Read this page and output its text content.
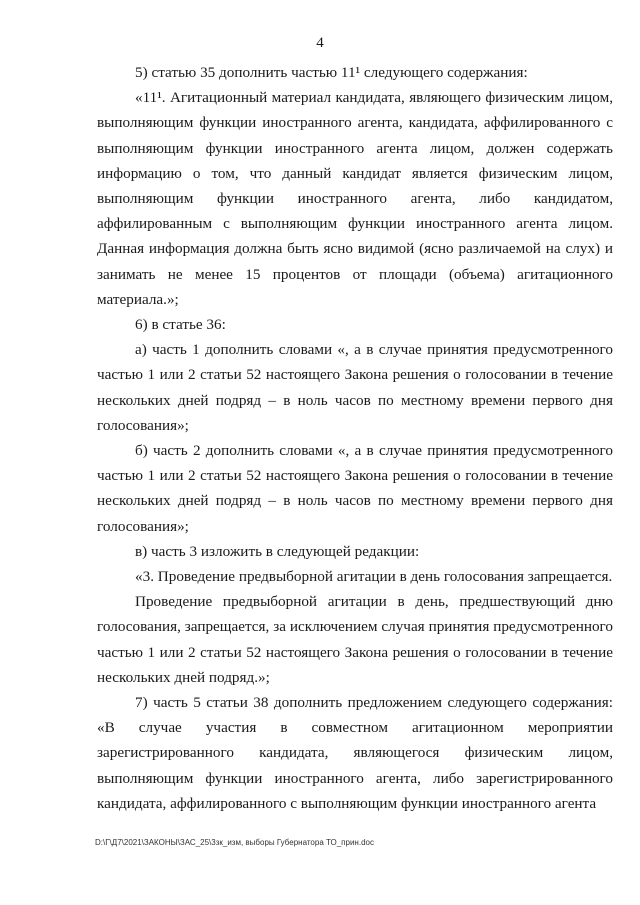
4
5) статью 35 дополнить частью 11¹ следующего содержания:
«11¹. Агитационный материал кандидата, являющего физическим лицом,
выполняющим функции иностранного агента, кандидата, аффилированного с
выполняющим функции иностранного агента лицом, должен содержать
информацию о том, что данный кандидат является физическим лицом,
выполняющим функции иностранного агента, либо кандидатом,
аффилированным с выполняющим функции иностранного агента лицом.
Данная информация должна быть ясно видимой (ясно различаемой на слух) и
занимать не менее 15 процентов от площади (объема) агитационного
материала.»;
6) в статье 36:
а) часть 1 дополнить словами «, а в случае принятия предусмотренного
частью 1 или 2 статьи 52 настоящего Закона решения о голосовании в течение
нескольких дней подряд – в ноль часов по местному времени первого дня
голосования»;
б) часть 2 дополнить словами «, а в случае принятия предусмотренного
частью 1 или 2 статьи 52 настоящего Закона решения о голосовании в течение
нескольких дней подряд – в ноль часов по местному времени первого дня
голосования»;
в) часть 3 изложить в следующей редакции:
«3. Проведение предвыборной агитации в день голосования запрещается.
Проведение предвыборной агитации в день, предшествующий дню
голосования, запрещается, за исключением случая принятия предусмотренного
частью 1 или 2 статьи 52 настоящего Закона решения о голосовании в течение
нескольких дней подряд.»;
7) часть 5 статьи 38 дополнить предложением следующего содержания:
«В случае участия в совместном агитационном мероприятии
зарегистрированного кандидата, являющегося физическим лицом,
выполняющим функции иностранного агента, либо зарегистрированного
кандидата, аффилированного с выполняющим функции иностранного агента
D:\Г\Д7\2021\ЗАКОНЫ\ЗАС_25\3зк_изм, выборы Губернатора ТО_прин.doc
